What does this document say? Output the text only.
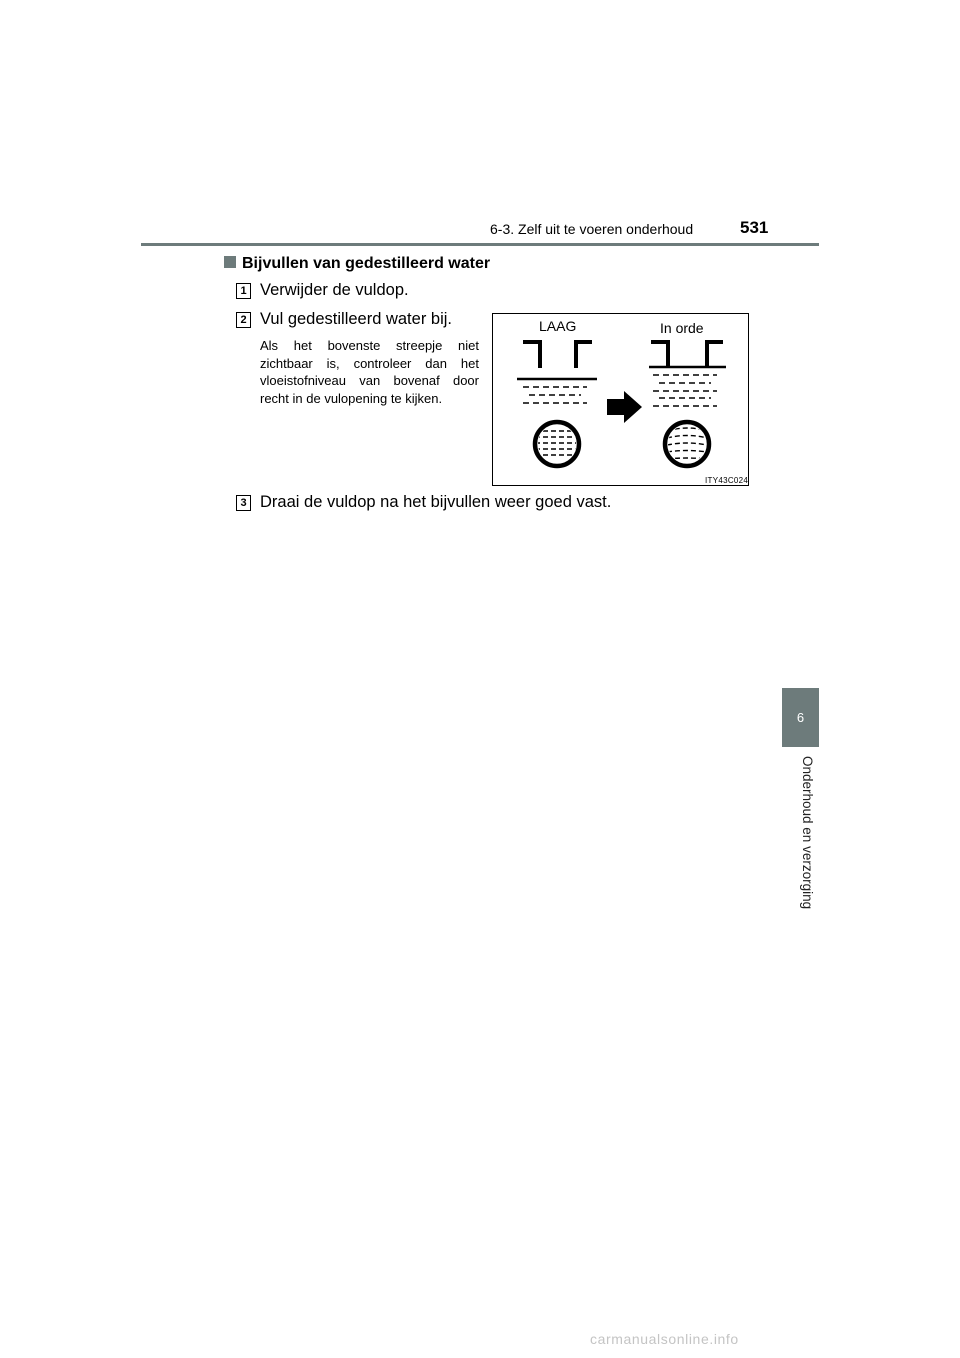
6-3. Zelf uit te voeren onderhoud	531
6
Onderhoud en verzorging
Bijvullen van gedestilleerd water
1 Verwijder de vuldop.
2 Vul gedestilleerd water bij.
Als het bovenste streepje niet zichtbaar is, controleer dan het vloeistofniveau van bovenaf door recht in de vulopening te kijken.
3 Draai de vuldop na het bijvullen weer goed vast.
LAAG	In orde
ITY43C024
carmanualsonline.info
